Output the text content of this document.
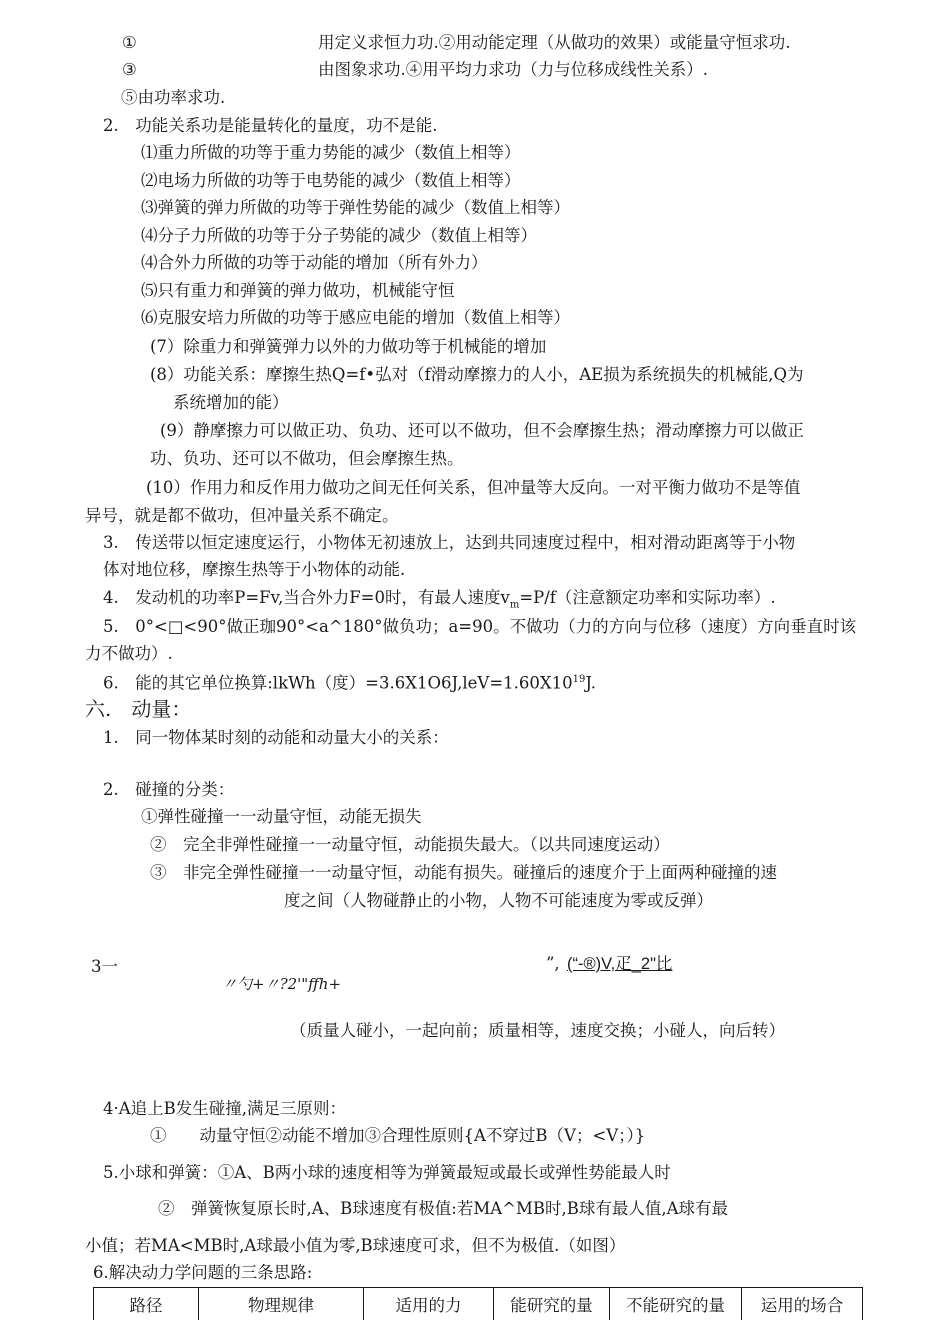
①	用定义求恒力功.②用动能定理（从做功的效果）或能量守恒求功.
③	由图象求功.④用平均力求功（力与位移成线性关系）.
⑤由功率求功.
2.　功能关系功是能量转化的量度，功不是能.
⑴重力所做的功等于重力势能的减少（数值上相等）
⑵电场力所做的功等于电势能的减少（数值上相等）
⑶弹簧的弹力所做的功等于弹性势能的减少（数值上相等）
⑷分子力所做的功等于分子势能的减少（数值上相等）
⑷合外力所做的功等于动能的增加（所有外力）
⑸只有重力和弹簧的弹力做功，机械能守恒
⑹克服安培力所做的功等于感应电能的增加（数值上相等）
(7）除重力和弹簧弹力以外的力做功等于机械能的增加
(8）功能关系：摩擦生热Q=f•弘对（f滑动摩擦力的人小，AE损为系统损失的机械能,Q为
系统增加的能）
(9）静摩擦力可以做正功、负功、还可以不做功，但不会摩擦生热；滑动摩擦力可以做正
功、负功、还可以不做功，但会摩擦生热。
(10）作用力和反作用力做功之间无任何关系，但冲量等大反向。一对平衡力做功不是等值
异号，就是都不做功，但冲量关系不确定。
3.　传送带以恒定速度运行，小物体无初速放上，达到共同速度过程中，相对滑动距离等于小物
体对地位移，摩擦生热等于小物体的动能.
4.　发动机的功率P=Fv,当合外力F=0时，有最人速度$v_m=P/f$（注意额定功率和实际功率）.
5.　0°<□<90°做正珈90°<a^180°做负功；a=90。不做功（力的方向与位移（速度）方向垂直时该
力不做功）.
6.　能的其它单位换算:lkWh（度）$=3.6X1O6J,leV=1.60X10^{19}J$.
六.　动量：
1.　同一物体某时刻的动能和动量大小的关系：
2.　碰撞的分类：
①弹性碰撞一一动量守恒，动能无损失
②　完全非弹性碰撞一一动量守恒，动能损失最大。（以共同速度运动）
③　非完全弹性碰撞一一动量守恒，动能有损失。碰撞后的速度介于上面两种碰撞的速
度之间（人物碰静止的小物，人物不可能速度为零或反弹）
3一	”, (“-®)V,疋_2"比
〃勺+〃?2'"ffh+
（质量人碰小，一起向前；质量相等，速度交换；小碰人，向后转）
4·A追上B发生碰撞,满足三原则：
①　　动量守恒②动能不增加③合理性原则{A不穿过B（V；<V；）}
5.小球和弹簧：①A、B两小球的速度相等为弹簧最短或最长或弹性势能最人时
②　弹簧恢复原长时,A、B球速度有极值:若MA^MB时,B球有最人值,A球有最
小值；若MA<MB时,A球最小值为零,B球速度可求，但不为极值.（如图）
6.解决动力学问题的三条思路:
路径	物理规律	适用的力	能研究的量	不能研究的量	运用的场合
